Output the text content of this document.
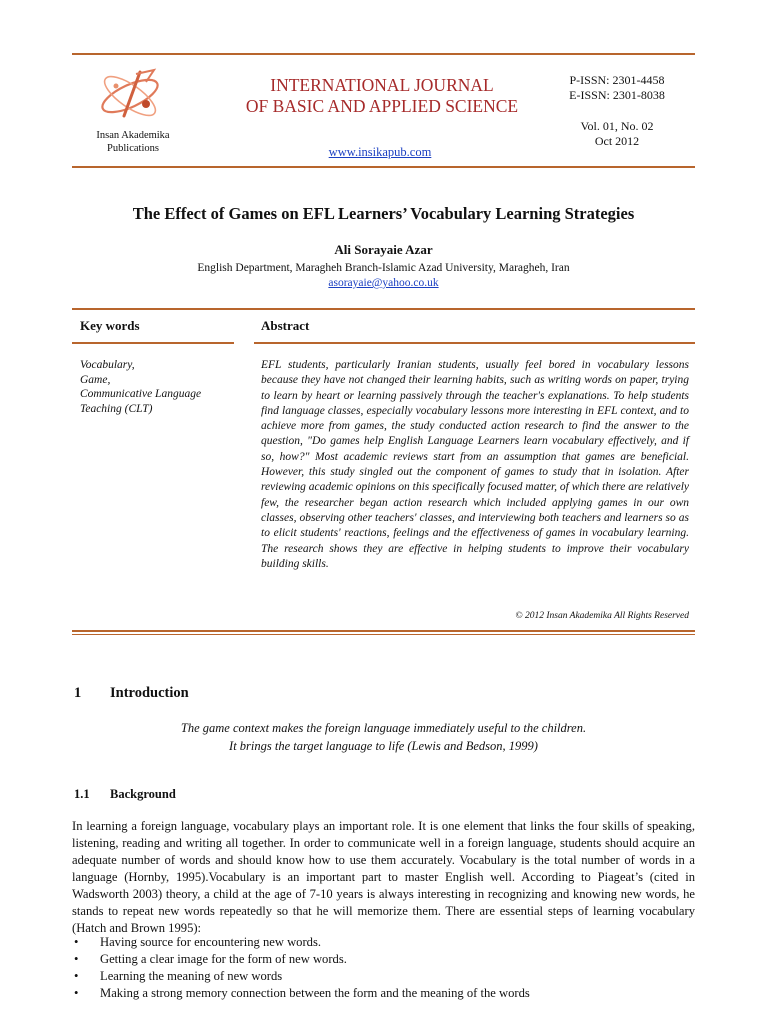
Insan Akademika
Publications
INTERNATIONAL JOURNAL
OF BASIC AND APPLIED SCIENCE
www.insikapub.com
P-ISSN: 2301-4458
E-ISSN: 2301-8038
Vol. 01, No. 02
Oct 2012
The Effect of Games on EFL Learners’ Vocabulary Learning Strategies
Ali Sorayaie Azar
English Department, Maragheh Branch-Islamic Azad University, Maragheh, Iran
asorayaie@yahoo.co.uk
Key words	Abstract
Vocabulary,
Game,
Communicative Language
Teaching (CLT)
EFL students, particularly Iranian students, usually feel bored in vocabulary lessons because they have not changed their learning habits, such as writing words on paper, trying to learn by heart or learning passively through the teacher's explanations. To help students find language classes, especially vocabulary lessons more interesting in EFL context, and to achieve more from games, the study conducted action research to find the answer to the question, "Do games help English Language Learners learn vocabulary effectively, and if so, how?" Most academic reviews start from an assumption that games are beneficial. However, this study singled out the component of games to study that in isolation. After reviewing academic opinions on this specifically focused matter, of which there are relatively few, the researcher began action research which included applying games in our own classes, observing other teachers' classes, and interviewing both teachers and learners so as to elicit students' reactions, feelings and the effectiveness of games in vocabulary learning. The research shows they are effective in helping students to improve their vocabulary building skills.
© 2012 Insan Akademika All Rights Reserved
1 Introduction
The game context makes the foreign language immediately useful to the children.
It brings the target language to life (Lewis and Bedson, 1999)
1.1 Background
In learning a foreign language, vocabulary plays an important role. It is one element that links the four skills of speaking, listening, reading and writing all together. In order to communicate well in a foreign language, students should acquire an adequate number of words and should know how to use them accurately. Vocabulary is the total number of words in a language (Hornby, 1995).Vocabulary is an important part to master English well. According to Piageat’s (cited in Wadsworth 2003) theory, a child at the age of 7-10 years is always interesting in recognizing and knowing new words, he stands to repeat new words repeatedly so that he will memorize them. There are essential steps of learning vocabulary (Hatch and Brown 1995):
• Having source for encountering new words.
• Getting a clear image for the form of new words.
• Learning the meaning of new words
• Making a strong memory connection between the form and the meaning of the words
